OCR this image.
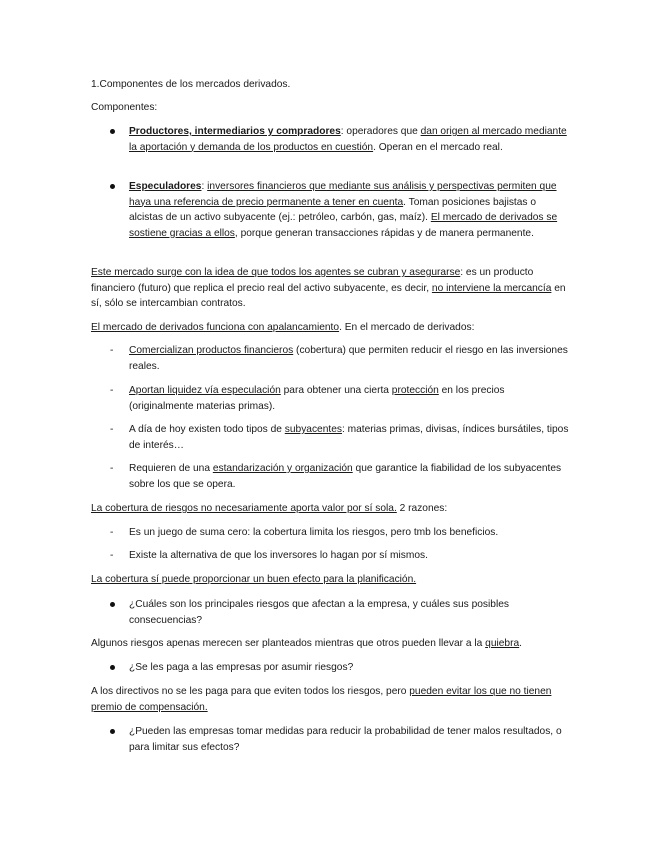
1.Componentes de los mercados derivados.

Componentes:

Productores, intermediarios y compradores: operadores que dan origen al mercado mediante la aportación y demanda de los productos en cuestión. Operan en el mercado real.
Especuladores: inversores financieros que mediante sus análisis y perspectivas permiten que haya una referencia de precio permanente a tener en cuenta. Toman posiciones bajistas o alcistas de un activo subyacente (ej.: petróleo, carbón, gas, maíz). El mercado de derivados se sostiene gracias a ellos, porque generan transacciones rápidas y de manera permanente.

Este mercado surge con la idea de que todos los agentes se cubran y asegurarse: es un producto financiero (futuro) que replica el precio real del activo subyacente, es decir, no interviene la mercancía en sí, sólo se intercambian contratos.

El mercado de derivados funciona con apalancamiento. En el mercado de derivados:

Comercializan productos financieros (cobertura) que permiten reducir el riesgo en las inversiones reales.
Aportan liquidez vía especulación para obtener una cierta protección en los precios (originalmente materias primas).
A día de hoy existen todo tipos de subyacentes: materias primas, divisas, índices bursátiles, tipos de interés…
Requieren de una estandarización y organización que garantice la fiabilidad de los subyacentes sobre los que se opera.

La cobertura de riesgos no necesariamente aporta valor por sí sola. 2 razones:

Es un juego de suma cero: la cobertura limita los riesgos, pero tmb los beneficios.
Existe la alternativa de que los inversores lo hagan por sí mismos.

La cobertura sí puede proporcionar un buen efecto para la planificación.

¿Cuáles son los principales riesgos que afectan a la empresa, y cuáles sus posibles consecuencias?

Algunos riesgos apenas merecen ser planteados mientras que otros pueden llevar a la quiebra.

¿Se les paga a las empresas por asumir riesgos?

A los directivos no se les paga para que eviten todos los riesgos, pero pueden evitar los que no tienen premio de compensación.

¿Pueden las empresas tomar medidas para reducir la probabilidad de tener malos resultados, o para limitar sus efectos?
